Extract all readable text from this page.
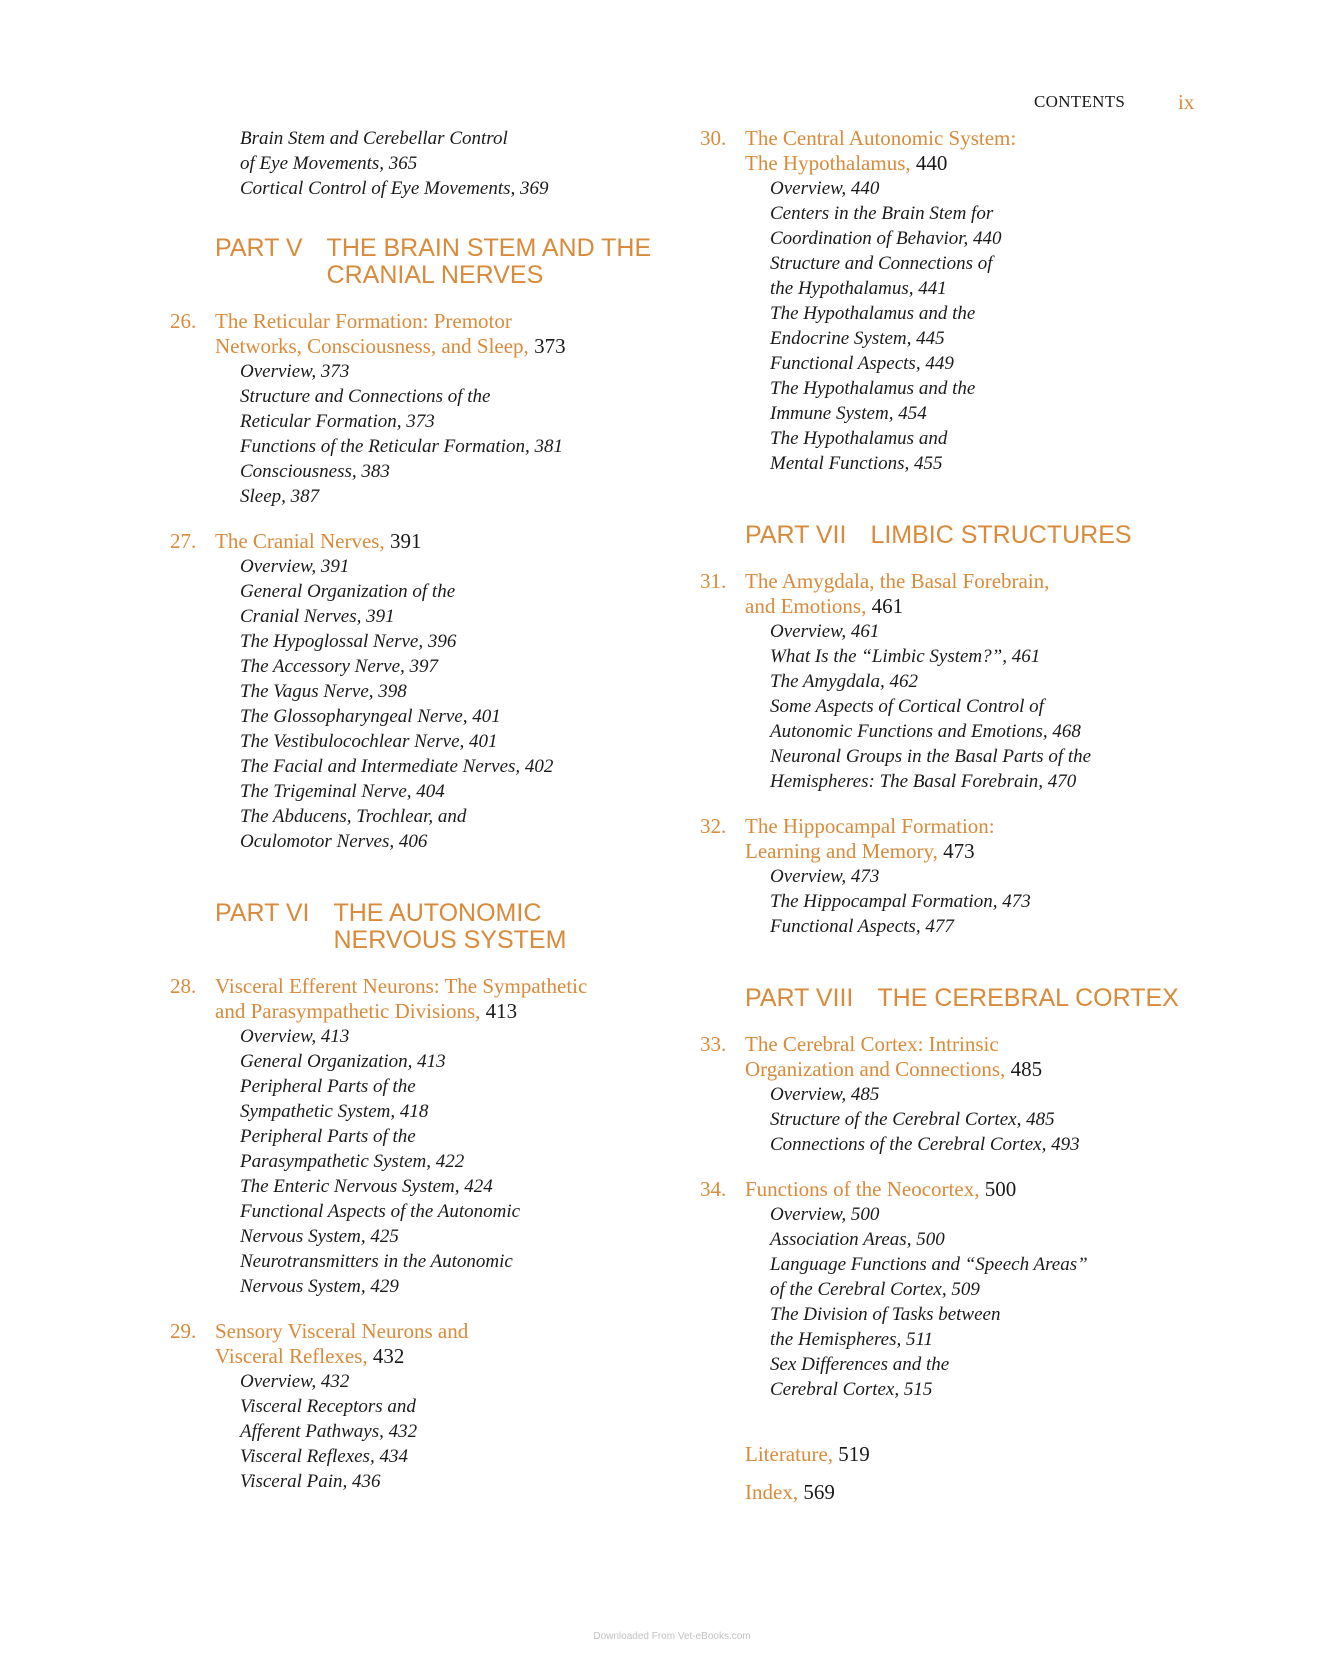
CONTENTS	ix
Brain Stem and Cerebellar Control
of Eye Movements, 365
Cortical Control of Eye Movements, 369
PART V THE BRAIN STEM AND THE
CRANIAL NERVES
26. The Reticular Formation: Premotor
Networks, Consciousness, and Sleep, 373
Overview, 373
Structure and Connections of the
Reticular Formation, 373
Functions of the Reticular Formation, 381
Consciousness, 383
Sleep, 387
27. The Cranial Nerves, 391
Overview, 391
General Organization of the
Cranial Nerves, 391
The Hypoglossal Nerve, 396
The Accessory Nerve, 397
The Vagus Nerve, 398
The Glossopharyngeal Nerve, 401
The Vestibulocochlear Nerve, 401
The Facial and Intermediate Nerves, 402
The Trigeminal Nerve, 404
The Abducens, Trochlear, and
Oculomotor Nerves, 406
PART VI THE AUTONOMIC
NERVOUS SYSTEM
28. Visceral Efferent Neurons: The Sympathetic
and Parasympathetic Divisions, 413
Overview, 413
General Organization, 413
Peripheral Parts of the
Sympathetic System, 418
Peripheral Parts of the
Parasympathetic System, 422
The Enteric Nervous System, 424
Functional Aspects of the Autonomic
Nervous System, 425
Neurotransmitters in the Autonomic
Nervous System, 429
29. Sensory Visceral Neurons and
Visceral Reflexes, 432
Overview, 432
Visceral Receptors and
Afferent Pathways, 432
Visceral Reflexes, 434
Visceral Pain, 436
30. The Central Autonomic System:
The Hypothalamus, 440
Overview, 440
Centers in the Brain Stem for
Coordination of Behavior, 440
Structure and Connections of
the Hypothalamus, 441
The Hypothalamus and the
Endocrine System, 445
Functional Aspects, 449
The Hypothalamus and the
Immune System, 454
The Hypothalamus and
Mental Functions, 455
PART VII LIMBIC STRUCTURES
31. The Amygdala, the Basal Forebrain,
and Emotions, 461
Overview, 461
What Is the “Limbic System?”, 461
The Amygdala, 462
Some Aspects of Cortical Control of
Autonomic Functions and Emotions, 468
Neuronal Groups in the Basal Parts of the
Hemispheres: The Basal Forebrain, 470
32. The Hippocampal Formation:
Learning and Memory, 473
Overview, 473
The Hippocampal Formation, 473
Functional Aspects, 477
PART VIII THE CEREBRAL CORTEX
33. The Cerebral Cortex: Intrinsic
Organization and Connections, 485
Overview, 485
Structure of the Cerebral Cortex, 485
Connections of the Cerebral Cortex, 493
34. Functions of the Neocortex, 500
Overview, 500
Association Areas, 500
Language Functions and “Speech Areas”
of the Cerebral Cortex, 509
The Division of Tasks between
the Hemispheres, 511
Sex Differences and the
Cerebral Cortex, 515
Literature, 519
Index, 569
Downloaded From Vet-eBooks.com
